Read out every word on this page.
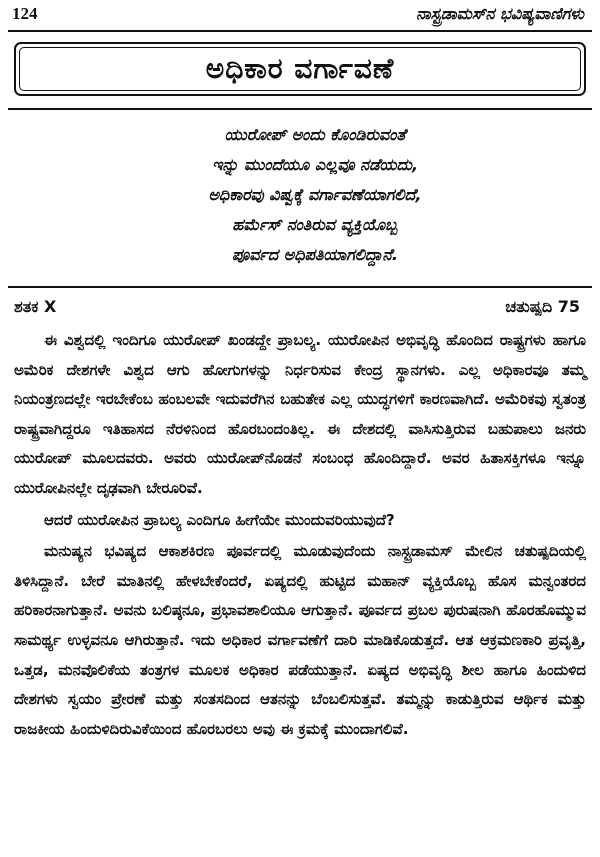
124	ನಾಸ್ಟ್ರಡಾಮಸ್‌ನ ಭವಿಷ್ಯವಾಣಿಗಳು
ಅಧಿಕಾರ ವರ್ಗಾವಣೆ
ಯುರೋಪ್ ಅಂದು ಕೊಂಡಿರುವಂತೆ
ಇನ್ನು ಮುಂದೆಯೂ ಎಲ್ಲವೂ ನಡೆಯದು,
ಅಧಿಕಾರವು ವಿಷ್ವಕ್ಕೆ ವರ್ಗಾವಣೆಯಾಗಲಿದೆ,
ಹರ್ಮೆಸ್ ನಂತಿರುವ ವ್ಯಕ್ತಿಯೊಬ್ಬ
ಪೂರ್ವದ ಅಧಿಪತಿಯಾಗಲಿದ್ದಾನೆ.
ಶತಕ X	ಚತುಷ್ಪದಿ 75

ಈ ವಿಶ್ವದಲ್ಲಿ ಇಂದಿಗೂ ಯುರೋಪ್ ಖಂಡದ್ದೇ ಪ್ರಾಬಲ್ಯ. ಯುರೋಪಿನ ಅಭಿವೃದ್ಧಿ ಹೊಂದಿದ ರಾಷ್ಟ್ರಗಳು ಹಾಗೂ ಅಮೆರಿಕ ದೇಶಗಳೇ ವಿಶ್ವದ ಆಗು ಹೋಗುಗಳನ್ನು ನಿರ್ಧರಿಸುವ ಕೇಂದ್ರ ಸ್ಥಾನಗಳು. ಎಲ್ಲ ಅಧಿಕಾರವೂ ತಮ್ಮ ನಿಯಂತ್ರಣದಲ್ಲೇ ಇರಬೇಕೆಂಬ ಹಂಬಲವೇ ಇದುವರೆಗಿನ ಬಹುತೇಕ ಎಲ್ಲ ಯುದ್ಧಗಳಿಗೆ ಕಾರಣವಾಗಿದೆ. ಅಮೆರಿಕವು ಸ್ವತಂತ್ರ ರಾಷ್ಟ್ರವಾಗಿದ್ದರೂ ಇತಿಹಾಸದ ನೆರಳಿನಿಂದ ಹೊರಬಂದಂತಿಲ್ಲ. ಈ ದೇಶದಲ್ಲಿ ವಾಸಿಸುತ್ತಿರುವ ಬಹುಪಾಲು ಜನರು ಯುರೋಪ್ ಮೂಲದವರು. ಅವರು ಯುರೋಪ್‌ನೊಡನೆ ಸಂಬಂಧ ಹೊಂದಿದ್ದಾರೆ. ಅವರ ಹಿತಾಸಕ್ತಿಗಳೂ ಇನ್ನೂ ಯುರೋಪಿನಲ್ಲೇ ದೃಢವಾಗಿ ಬೇರೂರಿವೆ.

ಆದರೆ ಯುರೋಪಿನ ಪ್ರಾಬಲ್ಯ ಎಂದಿಗೂ ಹೀಗೆಯೇ ಮುಂದುವರಿಯುವುದೆ?

ಮನುಷ್ಯನ ಭವಿಷ್ಯದ ಆಕಾಶಕಿರಣ ಪೂರ್ವದಲ್ಲಿ ಮೂಡುವುದೆಂದು ನಾಸ್ಟ್ರಡಾಮಸ್ ಮೇಲಿನ ಚತುಷ್ಪದಿಯಲ್ಲಿ ತಿಳಿಸಿದ್ದಾನೆ. ಬೇರೆ ಮಾತಿನಲ್ಲಿ ಹೇಳಬೇಕೆಂದರೆ, ಏಷ್ಯದಲ್ಲಿ ಹುಟ್ಟಿದ ಮಹಾನ್ ವ್ಯಕ್ತಿಯೊಬ್ಬ ಹೊಸ ಮನ್ವಂತರದ ಹರಿಕಾರನಾಗುತ್ತಾನೆ. ಅವನು ಬಲಿಷ್ಠನೂ, ಪ್ರಭಾವಶಾಲಿಯೂ ಆಗುತ್ತಾನೆ. ಪೂರ್ವದ ಪ್ರಬಲ ಪುರುಷನಾಗಿ ಹೊರಹೊಮ್ಮುವ ಸಾಮರ್ಥ್ಯ ಉಳ್ಳವನೂ ಆಗಿರುತ್ತಾನೆ. ಇದು ಅಧಿಕಾರ ವರ್ಗಾವಣೆಗೆ ದಾರಿ ಮಾಡಿಕೊಡುತ್ತದೆ. ಆತ ಆಕ್ರಮಣಕಾರಿ ಪ್ರವೃತ್ತಿ, ಒತ್ತಡ, ಮನವೊಲಿಕೆಯ ತಂತ್ರಗಳ ಮೂಲಕ ಅಧಿಕಾರ ಪಡೆಯುತ್ತಾನೆ. ಏಷ್ಯದ ಅಭಿವೃದ್ಧಿ ಶೀಲ ಹಾಗೂ ಹಿಂದುಳಿದ ದೇಶಗಳು ಸ್ವಯಂ ಪ್ರೇರಣೆ ಮತ್ತು ಸಂತಸದಿಂದ ಆತನನ್ನು ಬೆಂಬಲಿಸುತ್ತವೆ. ತಮ್ಮನ್ನು ಕಾಡುತ್ತಿರುವ ಆರ್ಥಿಕ ಮತ್ತು ರಾಜಕೀಯ ಹಿಂದುಳಿದಿರುವಿಕೆಯಿಂದ ಹೊರಬರಲು ಅವು ಈ ಕ್ರಮಕ್ಕೆ ಮುಂದಾಗಲಿವೆ.
